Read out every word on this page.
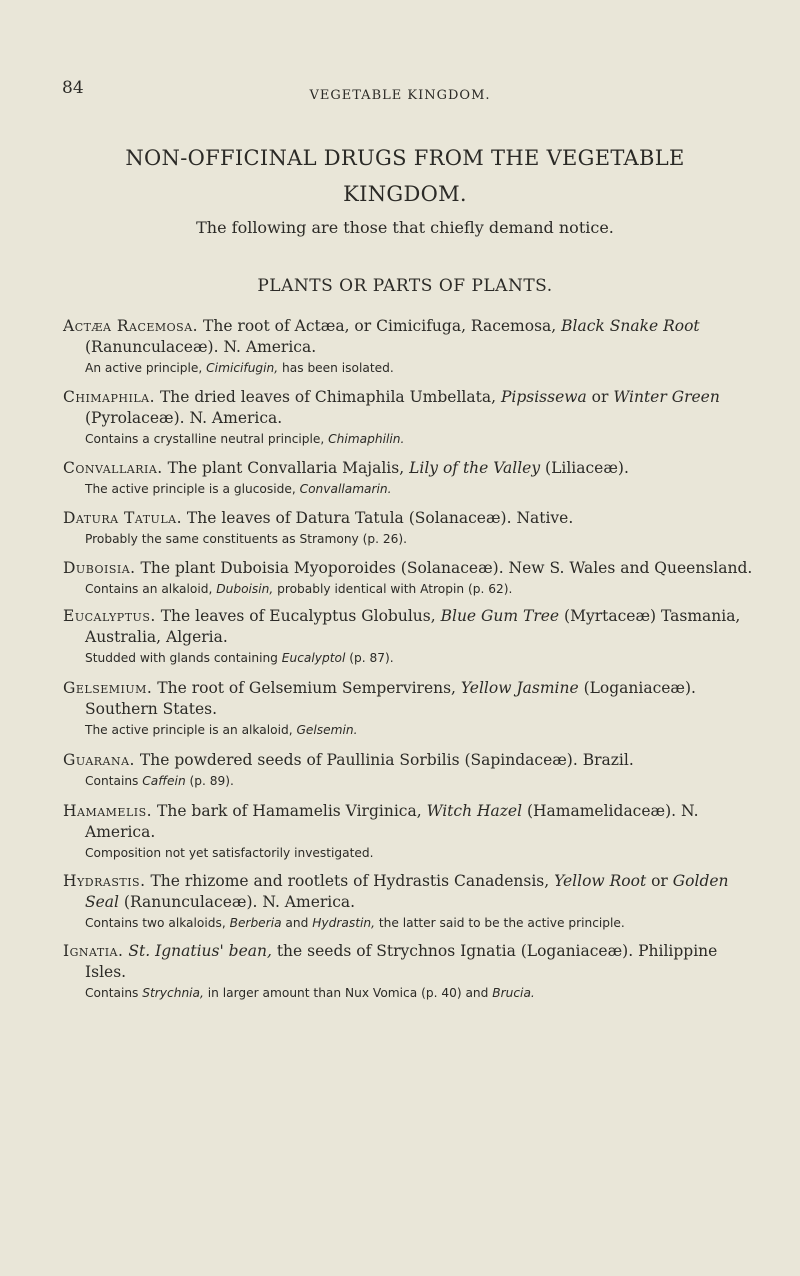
84	VEGETABLE KINGDOM.
NON-OFFICINAL DRUGS FROM THE VEGETABLE
KINGDOM.
The following are those that chiefly demand notice.
PLANTS OR PARTS OF PLANTS.
Actæa Racemosa. The root of Actæa, or Cimicifuga, Racemosa, Black Snake Root (Ranunculaceæ). N. America.
An active principle, Cimicifugin, has been isolated.
Chimaphila. The dried leaves of Chimaphila Umbellata, Pipsissewa or Winter Green (Pyrolaceæ). N. America.
Contains a crystalline neutral principle, Chimaphilin.
Convallaria. The plant Convallaria Majalis, Lily of the Valley (Liliaceæ).
The active principle is a glucoside, Convallamarin.
Datura Tatula. The leaves of Datura Tatula (Solanaceæ). Native.
Probably the same constituents as Stramony (p. 26).
Duboisia. The plant Duboisia Myoporoides (Solanaceæ). New S. Wales and Queensland.
Contains an alkaloid, Duboisin, probably identical with Atropin (p. 62).
Eucalyptus. The leaves of Eucalyptus Globulus, Blue Gum Tree (Myrtaceæ) Tasmania, Australia, Algeria.
Studded with glands containing Eucalyptol (p. 87).
Gelsemium. The root of Gelsemium Sempervirens, Yellow Jasmine (Loganiaceæ). Southern States.
The active principle is an alkaloid, Gelsemin.
Guarana. The powdered seeds of Paullinia Sorbilis (Sapindaceæ). Brazil.
Contains Caffein (p. 89).
Hamamelis. The bark of Hamamelis Virginica, Witch Hazel (Hamamelidaceæ). N. America.
Composition not yet satisfactorily investigated.
Hydrastis. The rhizome and rootlets of Hydrastis Canadensis, Yellow Root or Golden Seal (Ranunculaceæ). N. America.
Contains two alkaloids, Berberia and Hydrastin, the latter said to be the active principle.
Ignatia. St. Ignatius' bean, the seeds of Strychnos Ignatia (Loganiaceæ). Philippine Isles.
Contains Strychnia, in larger amount than Nux Vomica (p. 40) and Brucia.
